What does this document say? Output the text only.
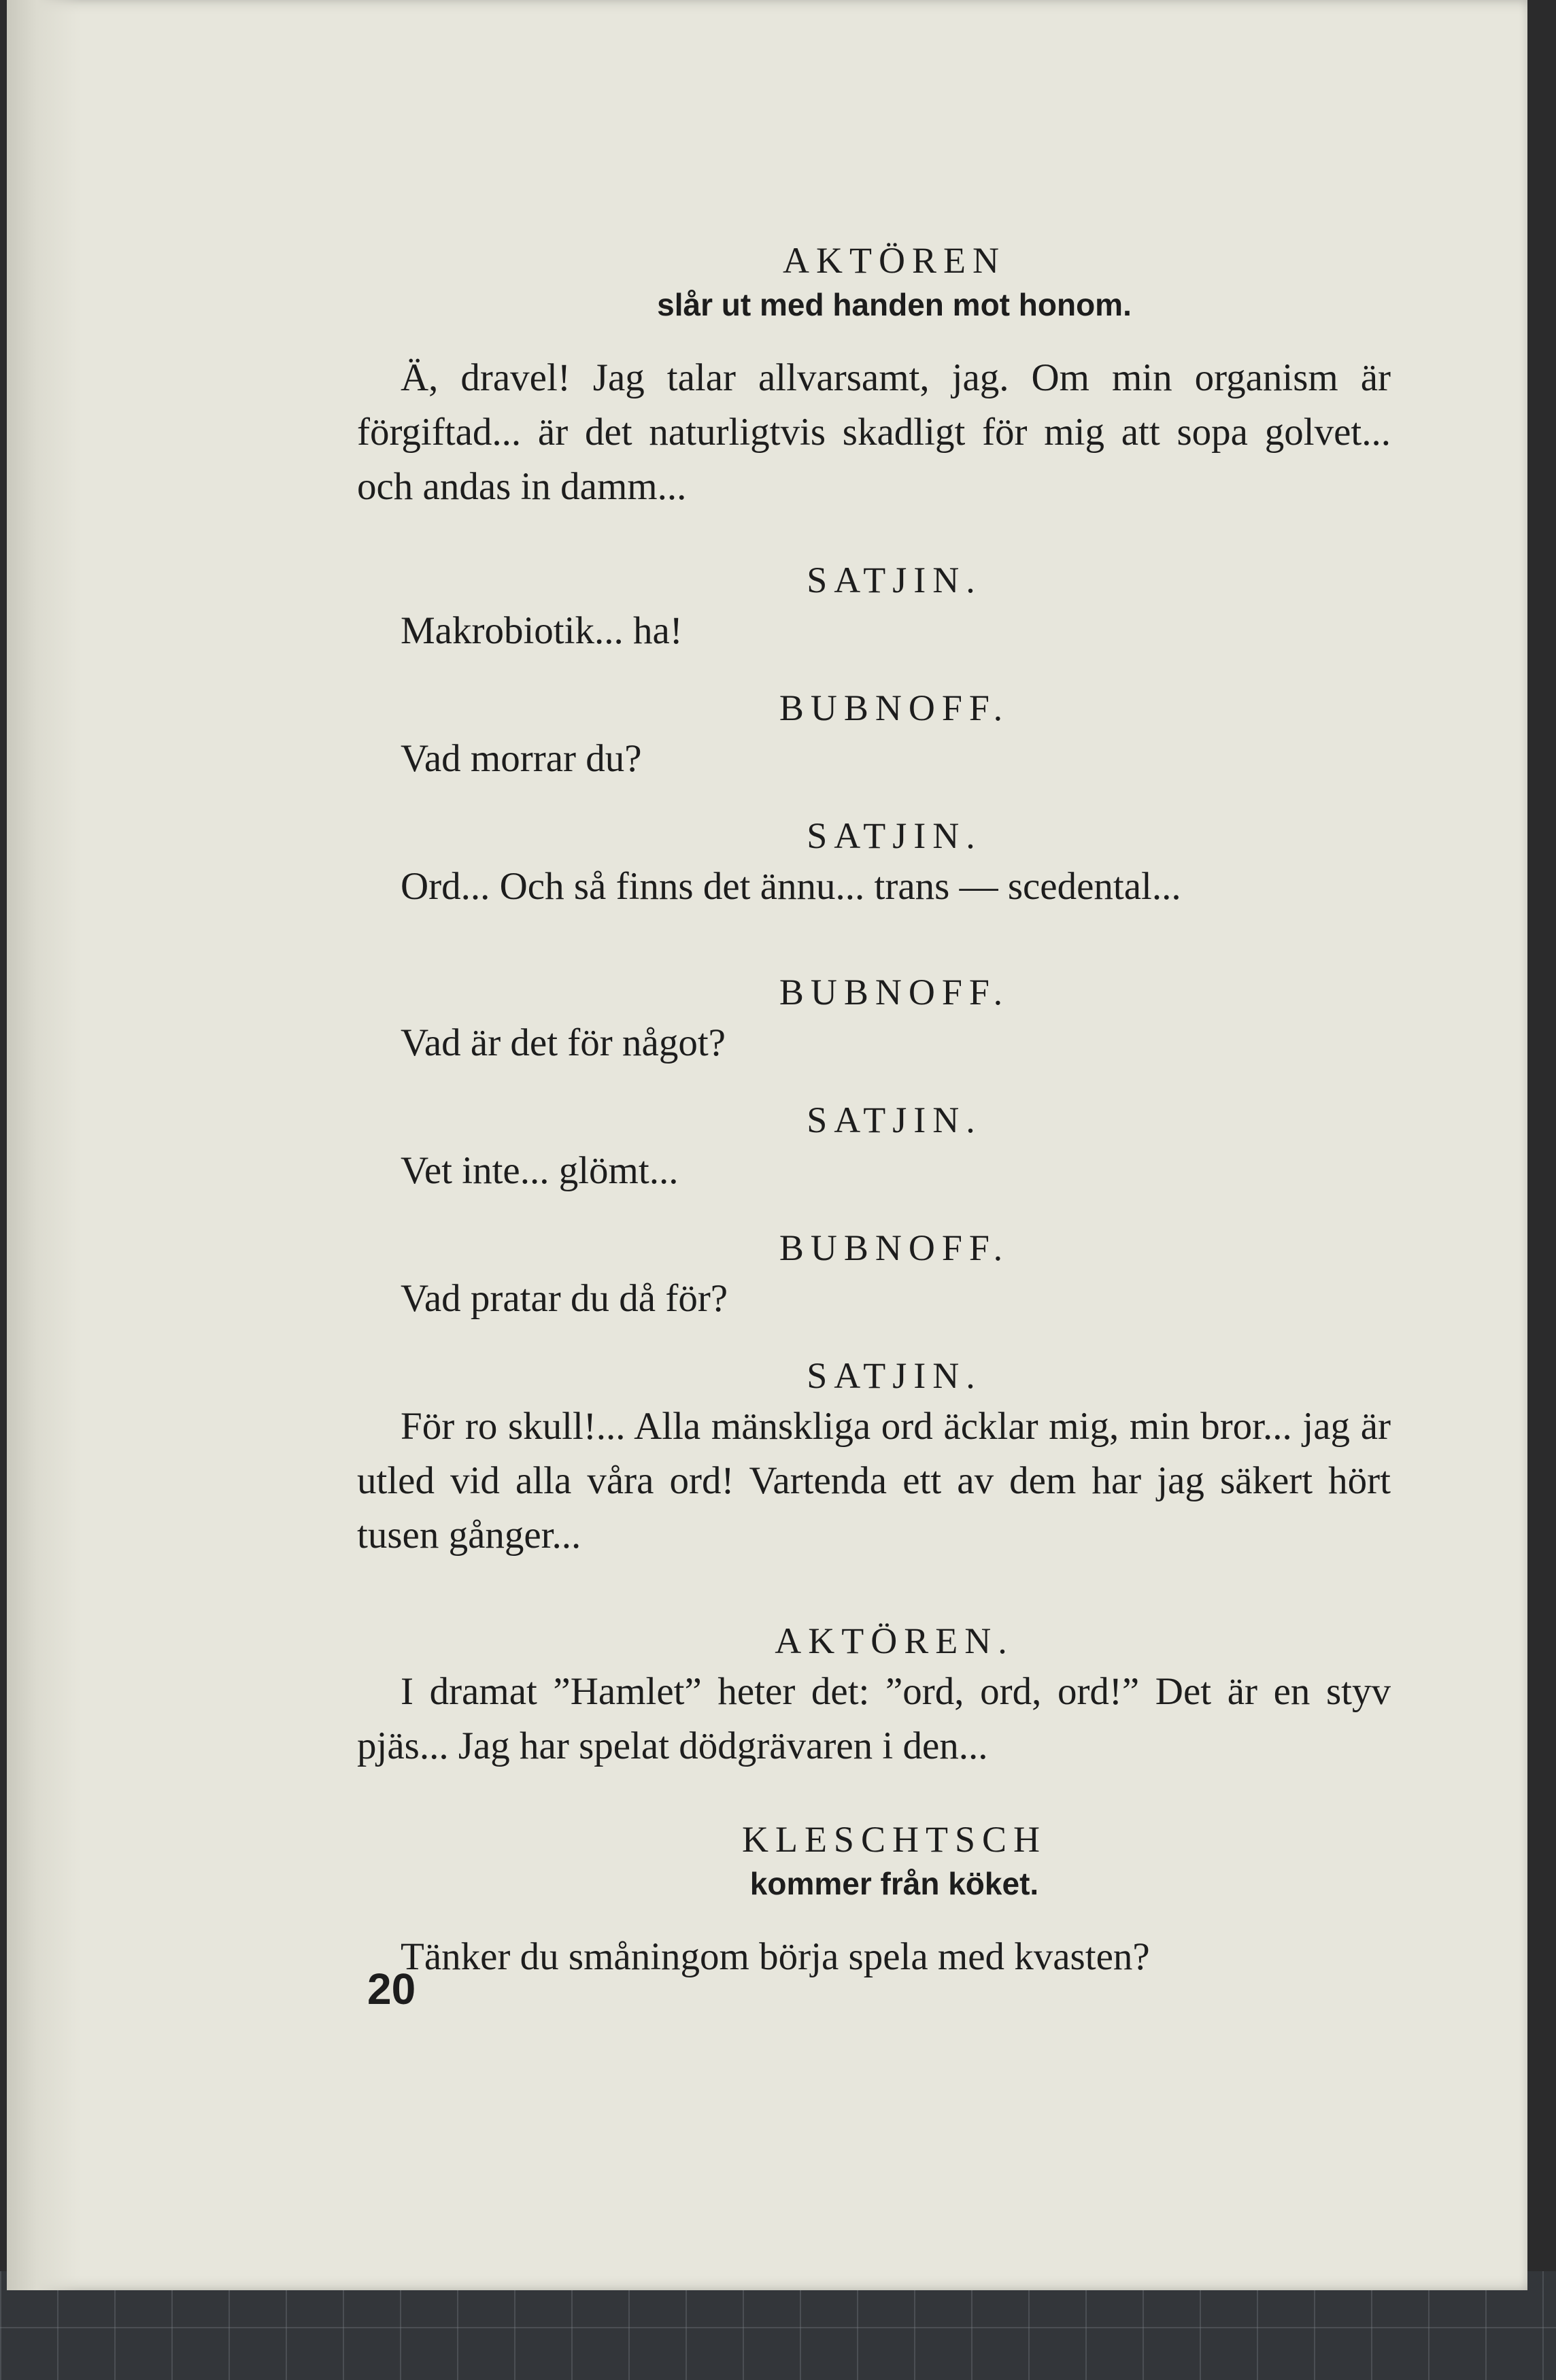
AKTÖREN

slår ut med handen mot honom.

Ä, dravel! Jag talar allvarsamt, jag. Om min organism är förgiftad... är det naturligtvis skadligt för mig att sopa golvet... och andas in damm...

SATJIN.

Makrobiotik... ha!

BUBNOFF.

Vad morrar du?

SATJIN.

Ord... Och så finns det ännu... trans — scedental...

BUBNOFF.

Vad är det för något?

SATJIN.

Vet inte... glömt...

BUBNOFF.

Vad pratar du då för?

SATJIN.

För ro skull!... Alla mänskliga ord äcklar mig, min bror... jag är utled vid alla våra ord! Vartenda ett av dem har jag säkert hört tusen gånger...

AKTÖREN.

I dramat ”Hamlet” heter det: ”ord, ord, ord!” Det är en styv pjäs... Jag har spelat dödgrävaren i den...

KLESCHTSCH

kommer från köket.

Tänker du småningom börja spela med kvasten?

20
